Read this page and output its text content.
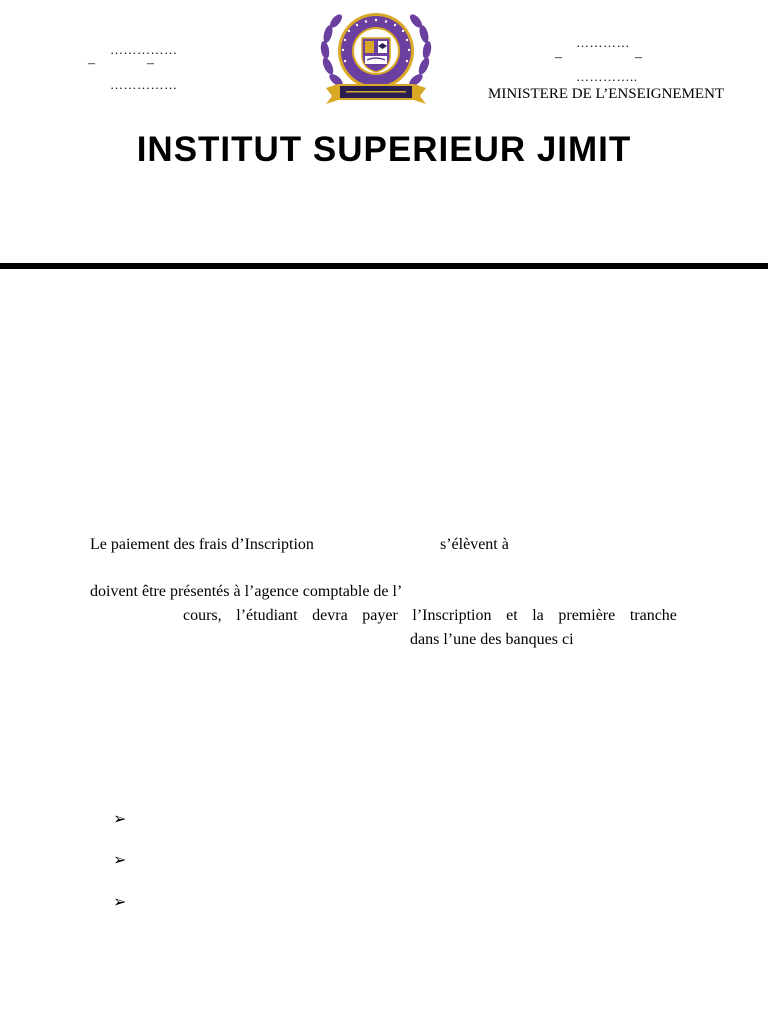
……………
–	–
……………
…………
–	–
…………..
MINISTERE DE L’ENSEIGNEMENT
INSTITUT SUPERIEUR JIMIT
Le paiement des frais d’Inscription	s’élèvent à
doivent être présentés à l’agence comptable de l’
cours, l’étudiant devra payer l’Inscription et la première tranche
dans l’une des banques ci
➢
➢
➢
